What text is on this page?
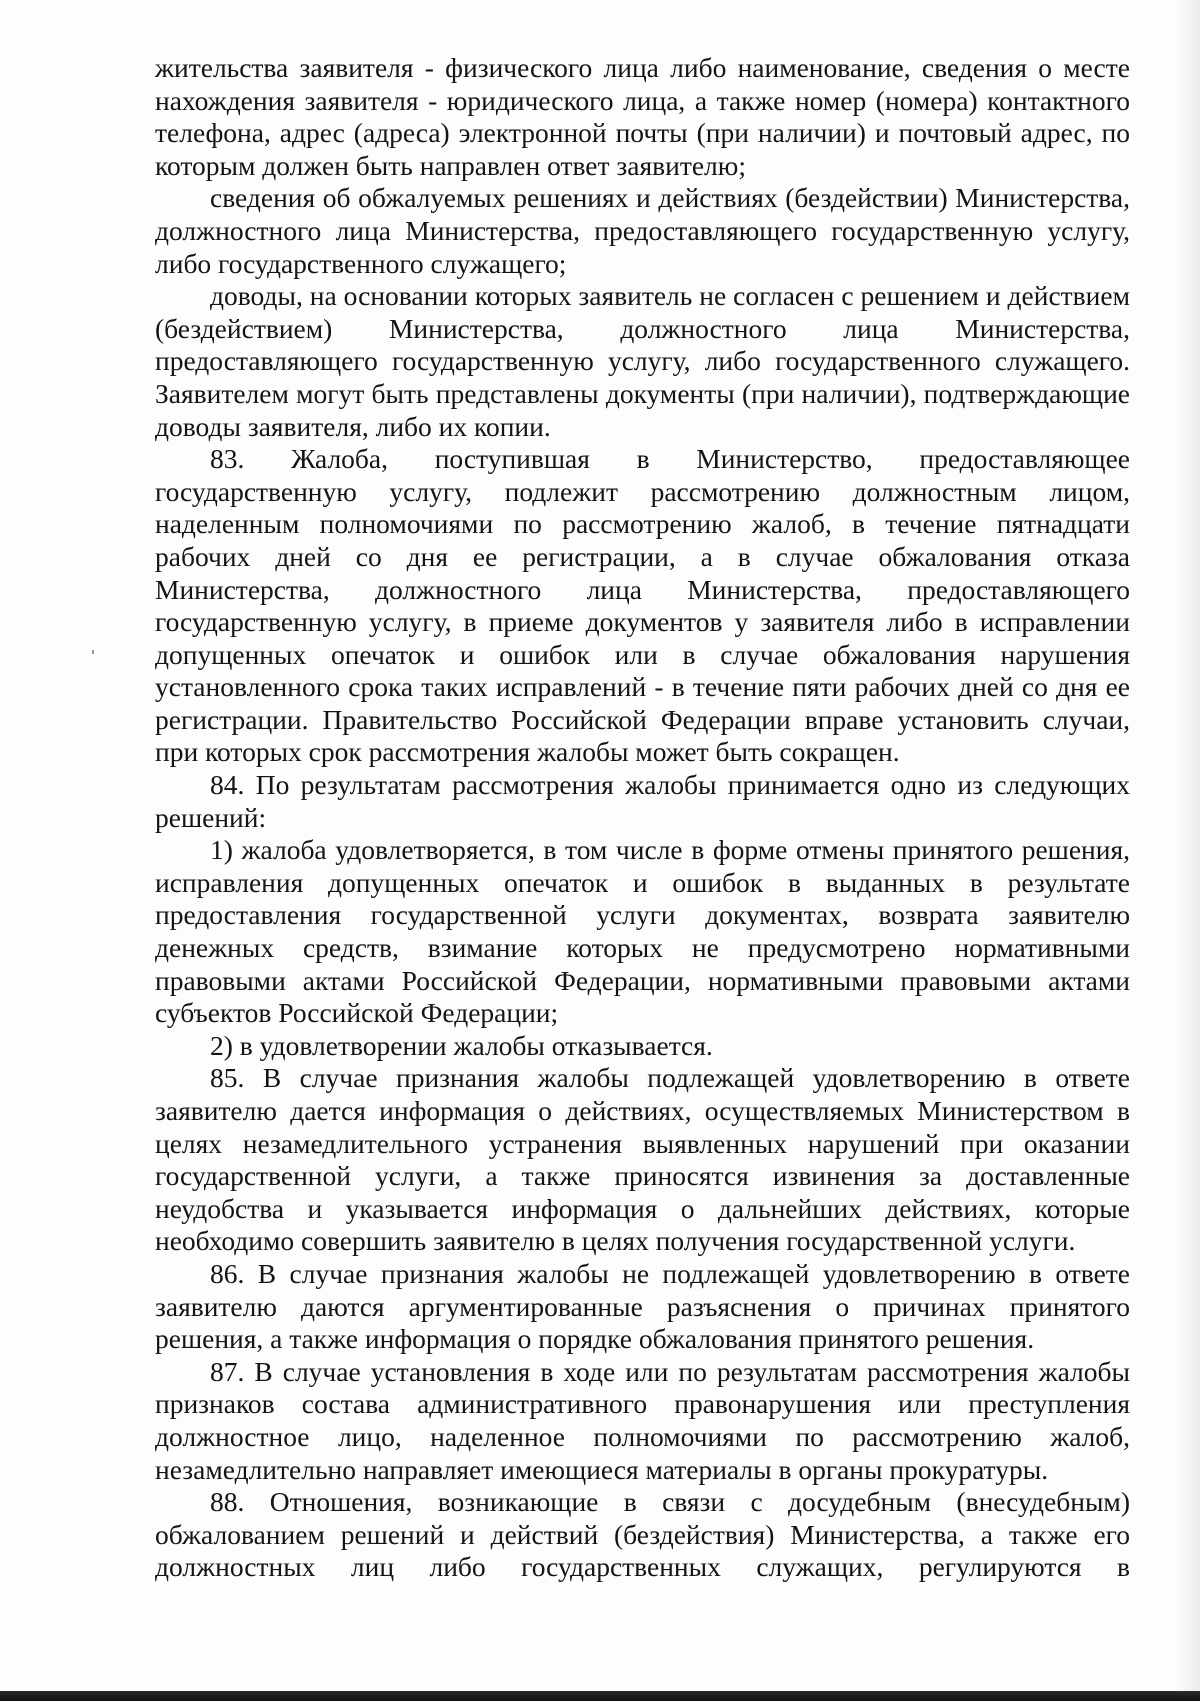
жительства заявителя - физического лица либо наименование, сведения о месте нахождения заявителя - юридического лица, а также номер (номера) контактного телефона, адрес (адреса) электронной почты (при наличии) и почтовый адрес, по которым должен быть направлен ответ заявителю;

сведения об обжалуемых решениях и действиях (бездействии) Министерства, должностного лица Министерства, предоставляющего государственную услугу, либо государственного служащего;

доводы, на основании которых заявитель не согласен с решением и действием (бездействием) Министерства, должностного лица Министерства, предоставляющего государственную услугу, либо государственного служащего. Заявителем могут быть представлены документы (при наличии), подтверждающие доводы заявителя, либо их копии.

83. Жалоба, поступившая в Министерство, предоставляющее государственную услугу, подлежит рассмотрению должностным лицом, наделенным полномочиями по рассмотрению жалоб, в течение пятнадцати рабочих дней со дня ее регистрации, а в случае обжалования отказа Министерства, должностного лица Министерства, предоставляющего государственную услугу, в приеме документов у заявителя либо в исправлении допущенных опечаток и ошибок или в случае обжалования нарушения установленного срока таких исправлений - в течение пяти рабочих дней со дня ее регистрации. Правительство Российской Федерации вправе установить случаи, при которых срок рассмотрения жалобы может быть сокращен.

84. По результатам рассмотрения жалобы принимается одно из следующих решений:

1) жалоба удовлетворяется, в том числе в форме отмены принятого решения, исправления допущенных опечаток и ошибок в выданных в результате предоставления государственной услуги документах, возврата заявителю денежных средств, взимание которых не предусмотрено нормативными правовыми актами Российской Федерации, нормативными правовыми актами субъектов Российской Федерации;

2) в удовлетворении жалобы отказывается.

85. В случае признания жалобы подлежащей удовлетворению в ответе заявителю дается информация о действиях, осуществляемых Министерством в целях незамедлительного устранения выявленных нарушений при оказании государственной услуги, а также приносятся извинения за доставленные неудобства и указывается информация о дальнейших действиях, которые необходимо совершить заявителю в целях получения государственной услуги.

86. В случае признания жалобы не подлежащей удовлетворению в ответе заявителю даются аргументированные разъяснения о причинах принятого решения, а также информация о порядке обжалования принятого решения.

87. В случае установления в ходе или по результатам рассмотрения жалобы признаков состава административного правонарушения или преступления должностное лицо, наделенное полномочиями по рассмотрению жалоб, незамедлительно направляет имеющиеся материалы в органы прокуратуры.

88. Отношения, возникающие в связи с досудебным (внесудебным) обжалованием решений и действий (бездействия) Министерства, а также его должностных лиц либо государственных служащих, регулируются в
